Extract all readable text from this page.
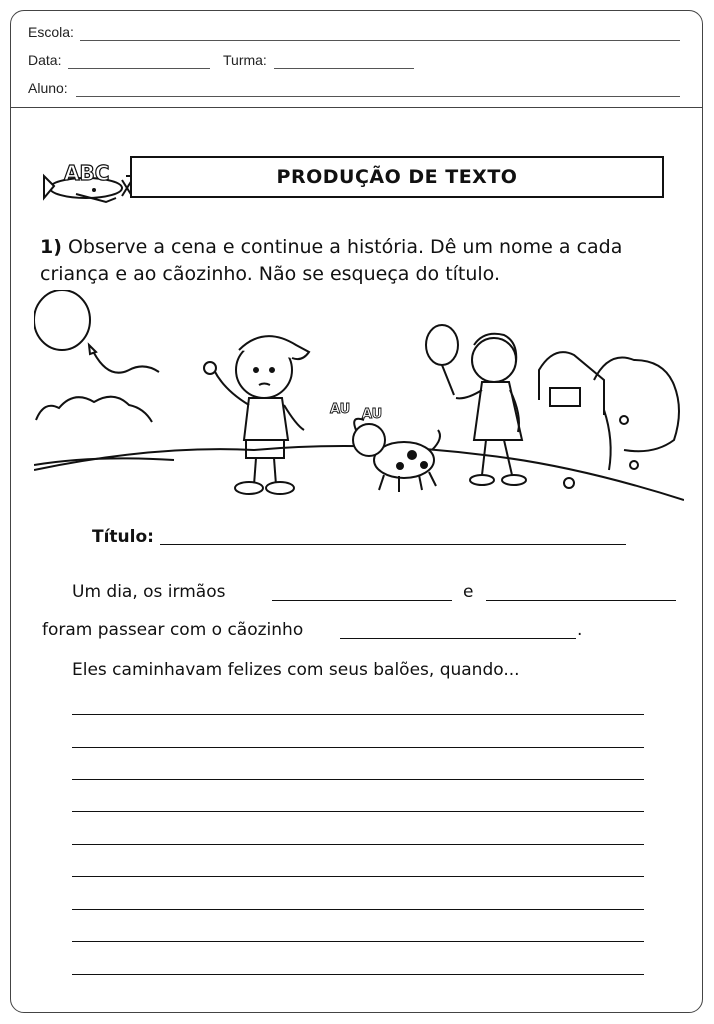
Escola:
Data:	Turma:
Aluno:
ABC	PRODUÇÃO DE TEXTO
1) Observe a cena e continue a história. Dê um nome a cada criança e ao cãozinho. Não se esqueça do título.
AU AU
Título:
Um dia, os irmãos	e
foram passear com o cãozinho	.
Eles caminhavam felizes com seus balões, quando...
